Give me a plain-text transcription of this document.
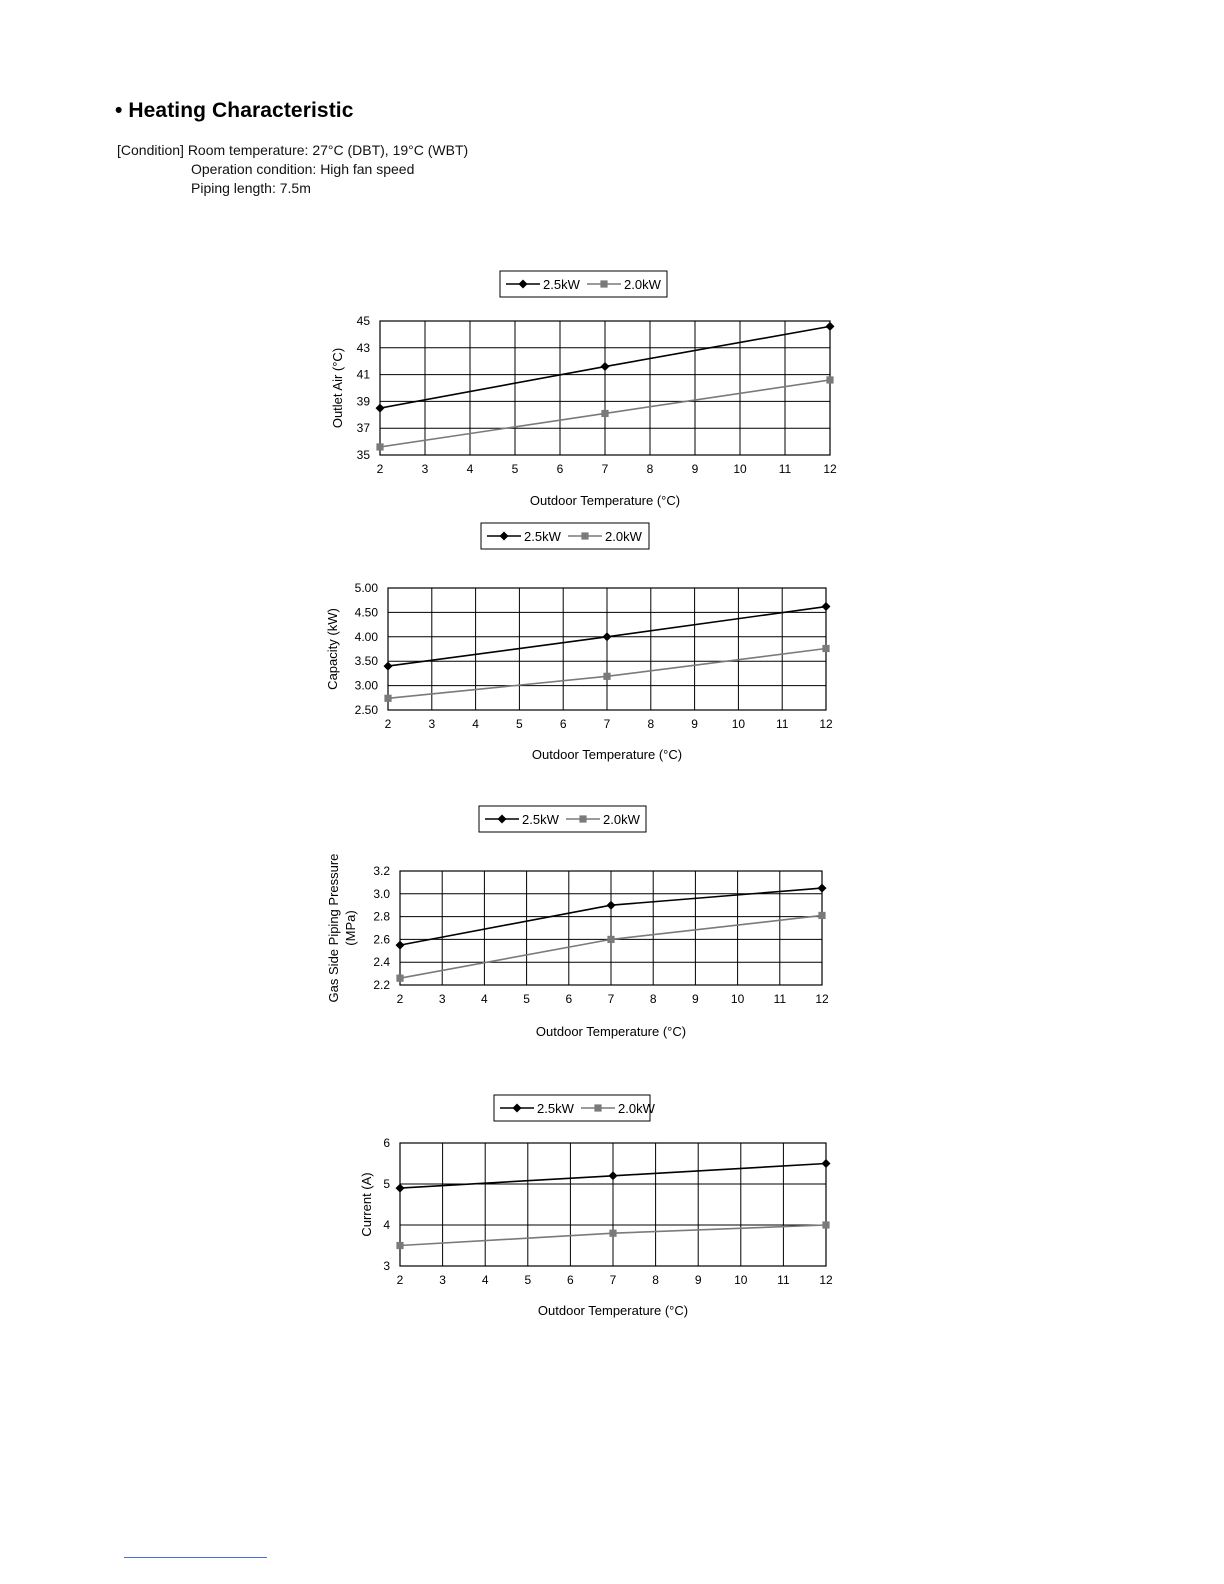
• Heating Characteristic
[Condition] Room temperature: 27°C (DBT), 19°C (WBT)
Operation condition: High fan speed
Piping length: 7.5m
2	3	4	5	6	7	8	9	10	11	12
35
37
39
41
43
45
Outdoor Temperature (°C)
Outlet Air (°C)
2.5kW	2.0kW
2	3	4	5	6	7	8	9	10	11	12
2.50
3.00
3.50
4.00
4.50
5.00
Outdoor Temperature (°C)
Capacity (kW)
2.5kW	2.0kW
2	3	4	5	6	7	8	9	10 11 12
2.2
2.4
2.6
2.8
3.0
3.2
Outdoor Temperature (°C)
Gas Side Piping Pressure (MPa)
2.5kW	2.0kW
2	3	4	5	6	7	8	9	10 11 12
3
4
5
6
Outdoor Temperature (°C)
Current (A)
2.5kW	2.0kW
